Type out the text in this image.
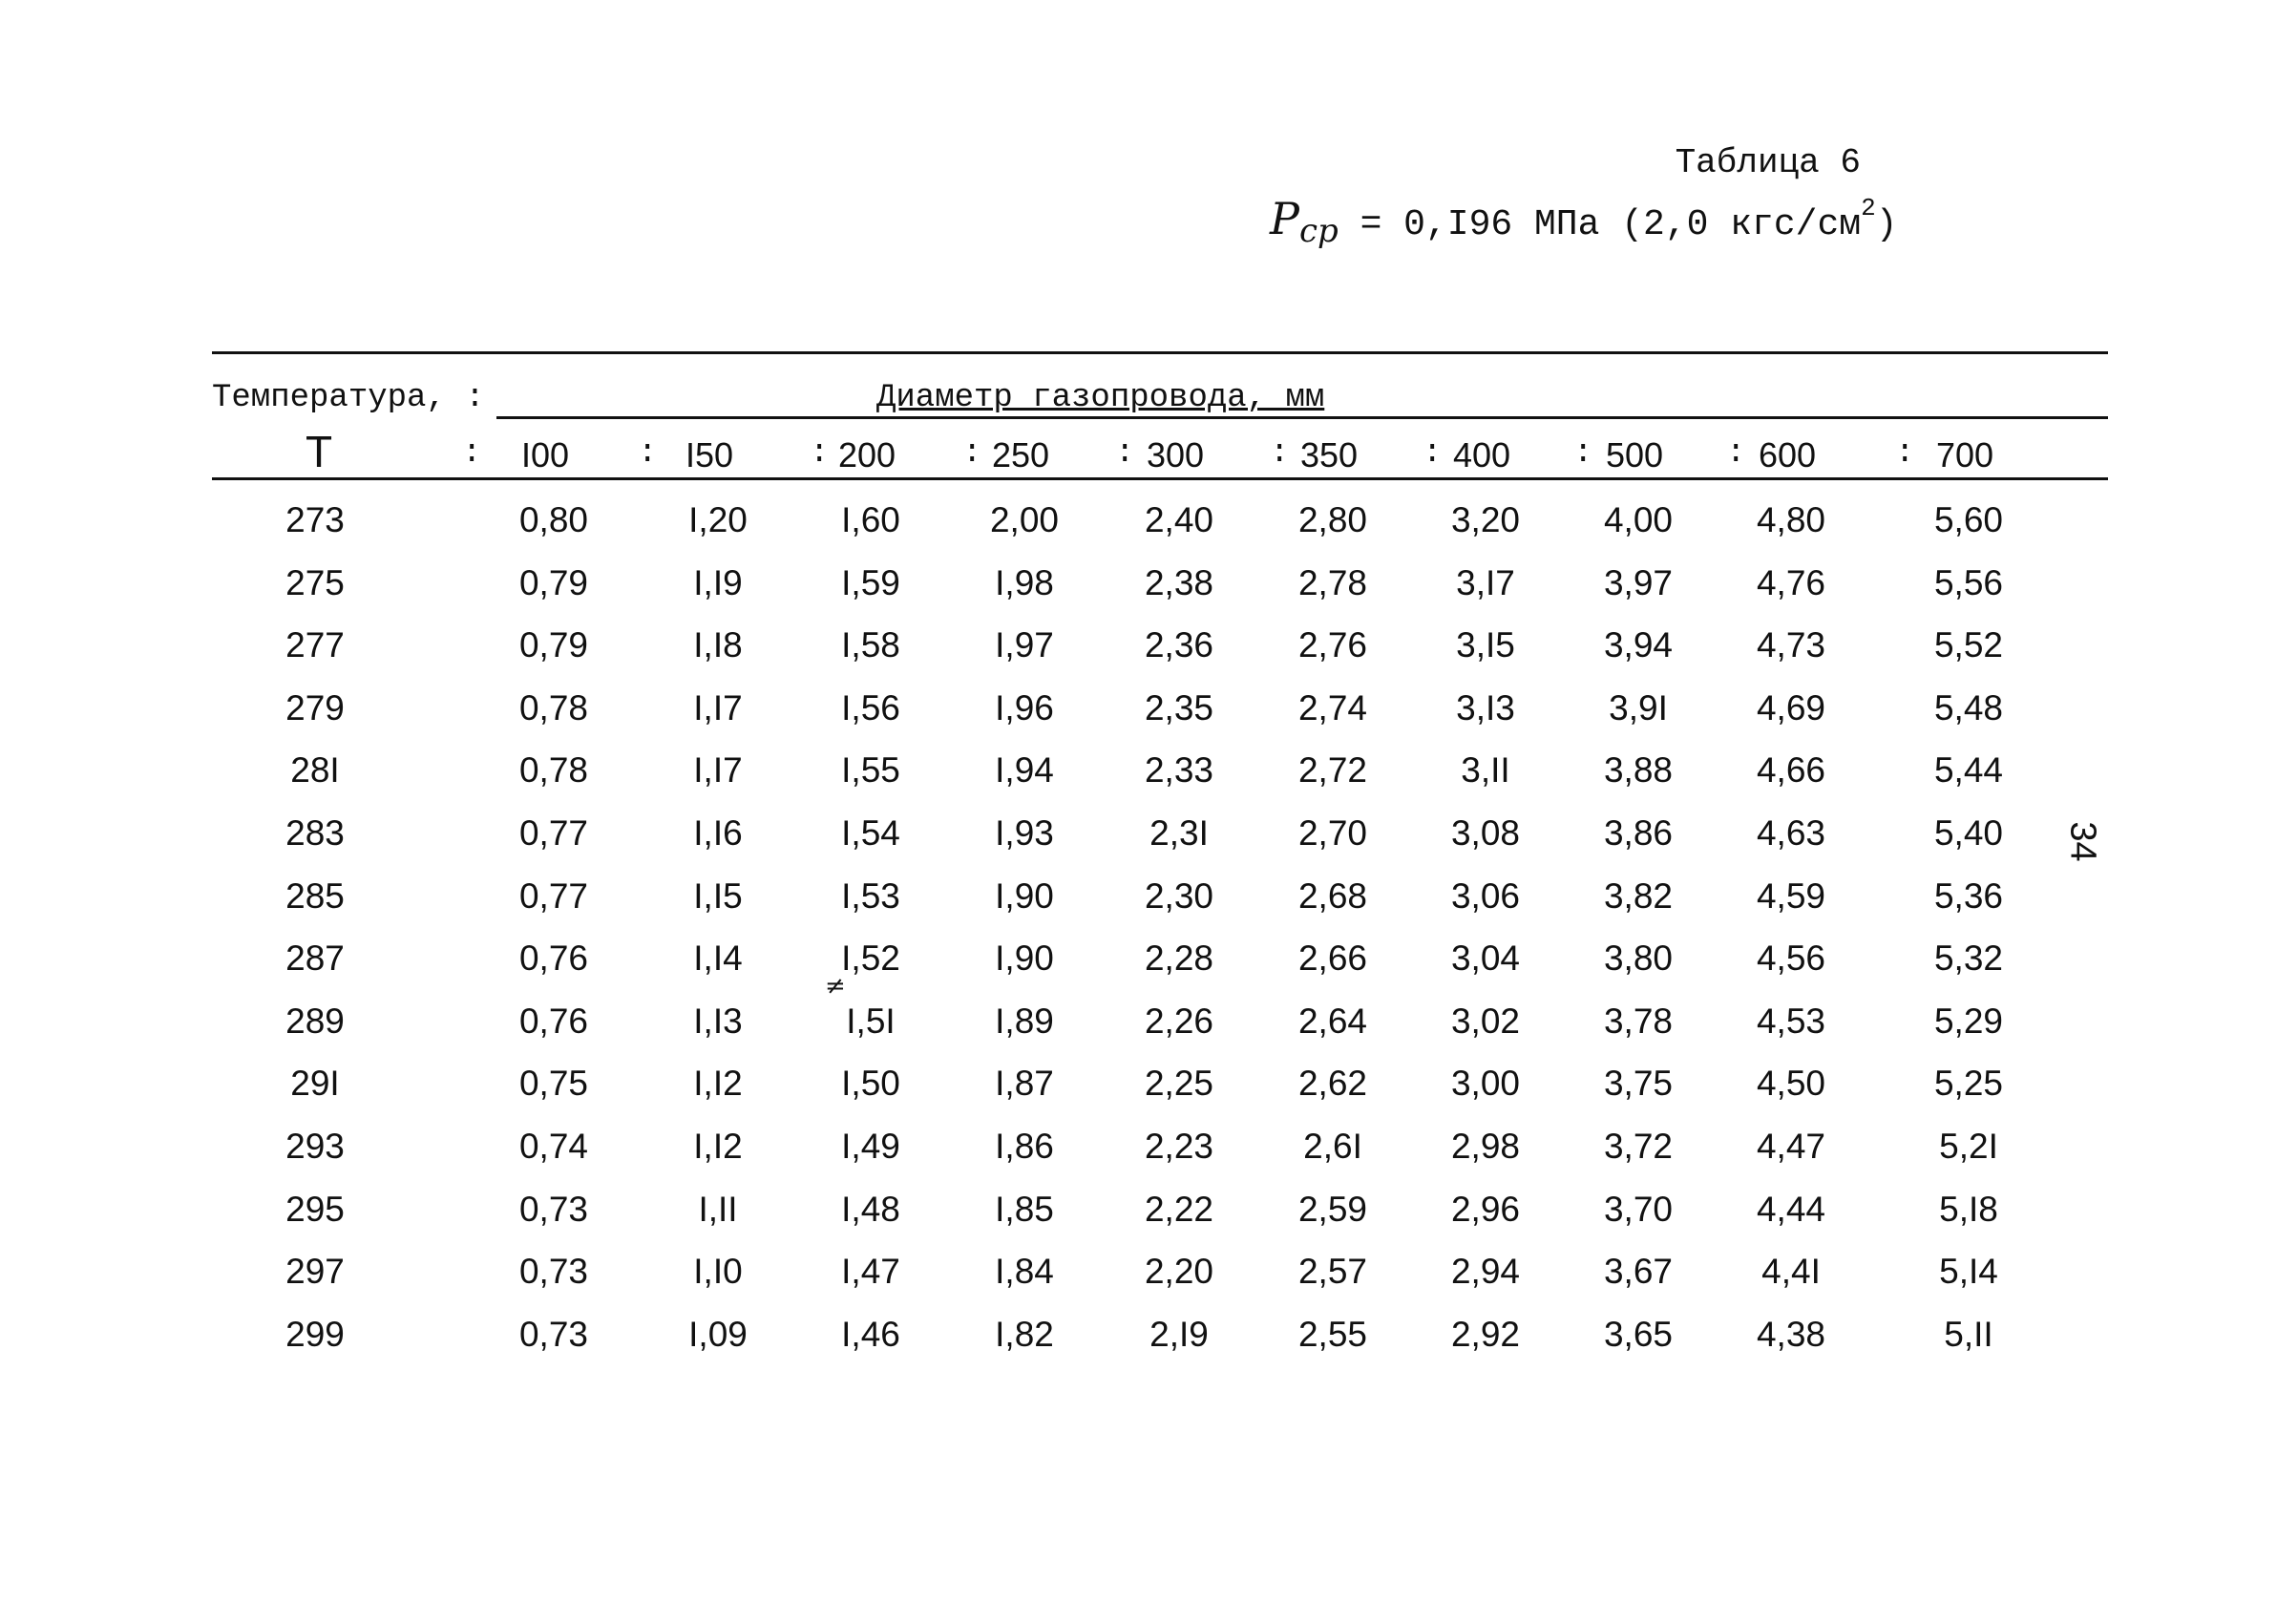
Таблица 6
Pcp = 0,I96 МПа (2,0 кгс/$см^2$)
Температура, :	Диаметр газопровода, мм
T	: I00 : I50 : 200 : 250 : 300 : 350 : 400 : 500 : 600 : 700
273	0,80	I,20	I,60	2,00	2,40	2,80	3,20	4,00	4,80	5,60
275	0,79	I,I9	I,59	I,98	2,38	2,78	3,I7	3,97	4,76	5,56
277	0,79	I,I8	I,58	I,97	2,36	2,76	3,I5	3,94	4,73	5,52
279	0,78	I,I7	I,56	I,96	2,35	2,74	3,I3	3,9I	4,69	5,48
28I	0,78	I,I7	I,55	I,94	2,33	2,72	3,II	3,88	4,66	5,44
283	0,77	I,I6	I,54	I,93	2,3I	2,70	3,08	3,86	4,63	5,40
285	0,77	I,I5	I,53	I,90	2,30	2,68	3,06	3,82	4,59	5,36
287	0,76	I,I4	I,52	I,90	2,28	2,66	3,04	3,80	4,56	5,32
289	0,76	I,I3	I,5I	I,89	2,26	2,64	3,02	3,78	4,53	5,29
29I	0,75	I,I2	I,50	I,87	2,25	2,62	3,00	3,75	4,50	5,25
293	0,74	I,I2	I,49	I,86	2,23	2,6I	2,98	3,72	4,47	5,2I
295	0,73	I,II	I,48	I,85	2,22	2,59	2,96	3,70	4,44	5,I8
297	0,73	I,I0	I,47	I,84	2,20	2,57	2,94	3,67	4,4I	5,I4
299	0,73	I,09	I,46	I,82	2,I9	2,55	2,92	3,65	4,38	5,II
34
≠
